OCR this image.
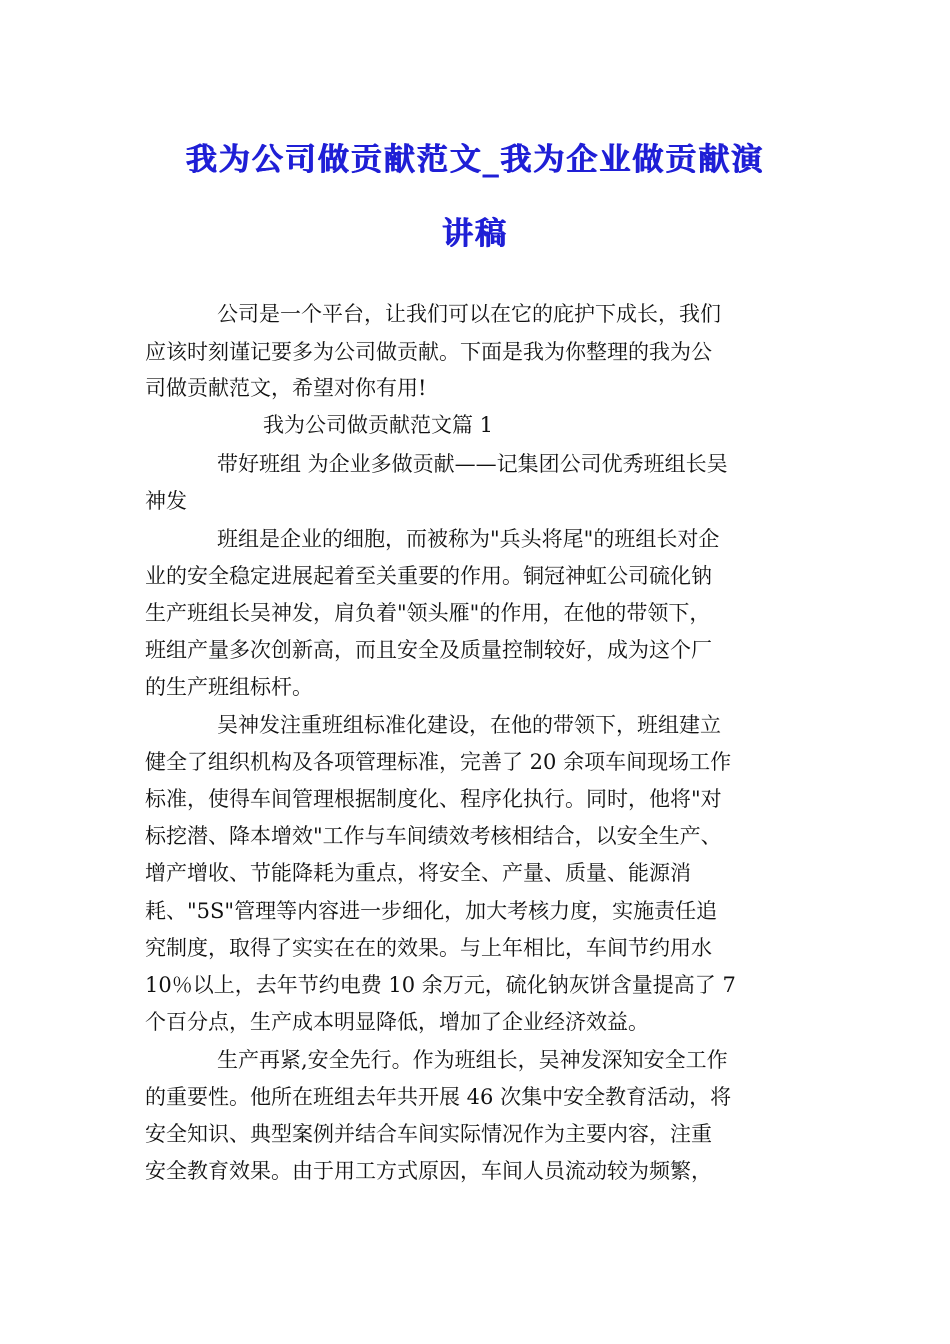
我为公司做贡献范文_我为企业做贡献演
讲稿
公司是一个平台，让我们可以在它的庇护下成长，我们
应该时刻谨记要多为公司做贡献。下面是我为你整理的我为公
司做贡献范文，希望对你有用!
我为公司做贡献范文篇 1
带好班组 为企业多做贡献——记集团公司优秀班组长吴
神发
班组是企业的细胞，而被称为"兵头将尾"的班组长对企
业的安全稳定进展起着至关重要的作用。铜冠神虹公司硫化钠
生产班组长吴神发，肩负着"领头雁"的作用，在他的带领下，
班组产量多次创新高，而且安全及质量控制较好，成为这个厂
的生产班组标杆。
吴神发注重班组标准化建设，在他的带领下，班组建立
健全了组织机构及各项管理标准，完善了 20 余项车间现场工作
标准，使得车间管理根据制度化、程序化执行。同时，他将"对
标挖潜、降本增效"工作与车间绩效考核相结合，以安全生产、
增产增收、节能降耗为重点，将安全、产量、质量、能源消
耗、"5S"管理等内容进一步细化，加大考核力度，实施责任追
究制度，取得了实实在在的效果。与上年相比，车间节约用水
10％以上，去年节约电费 10 余万元，硫化钠灰饼含量提高了 7
个百分点，生产成本明显降低，增加了企业经济效益。
生产再紧,安全先行。作为班组长，吴神发深知安全工作
的重要性。他所在班组去年共开展 46 次集中安全教育活动，将
安全知识、典型案例并结合车间实际情况作为主要内容，注重
安全教育效果。由于用工方式原因，车间人员流动较为频繁，
